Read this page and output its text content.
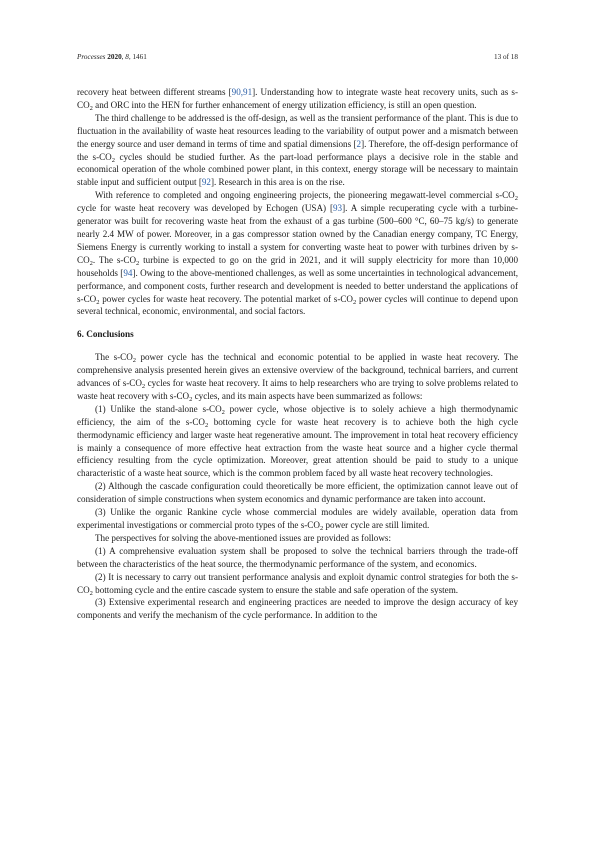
Processes 2020, 8, 1461	13 of 18

recovery heat between different streams [90,91]. Understanding how to integrate waste heat recovery units, such as $s-CO_2$ and ORC into the HEN for further enhancement of energy utilization efficiency, is still an open question.

The third challenge to be addressed is the off-design, as well as the transient performance of the plant. This is due to fluctuation in the availability of waste heat resources leading to the variability of output power and a mismatch between the energy source and user demand in terms of time and spatial dimensions [2]. Therefore, the off-design performance of the $s-CO_2$ cycles should be studied further. As the part-load performance plays a decisive role in the stable and economical operation of the whole combined power plant, in this context, energy storage will be necessary to maintain stable input and sufficient output [92]. Research in this area is on the rise.

With reference to completed and ongoing engineering projects, the pioneering megawatt-level commercial $s-CO_2$ cycle for waste heat recovery was developed by Echogen (USA) [93]. A simple recuperating cycle with a turbine-generator was built for recovering waste heat from the exhaust of a gas turbine (500–600 °C, 60–75 kg/s) to generate nearly 2.4 MW of power. Moreover, in a gas compressor station owned by the Canadian energy company, TC Energy, Siemens Energy is currently working to install a system for converting waste heat to power with turbines driven by $s-CO_2$. The $s-CO_2$ turbine is expected to go on the grid in 2021, and it will supply electricity for more than 10,000 households [94]. Owing to the above-mentioned challenges, as well as some uncertainties in technological advancement, performance, and component costs, further research and development is needed to better understand the applications of $s-CO_2$ power cycles for waste heat recovery. The potential market of $s-CO_2$ power cycles will continue to depend upon several technical, economic, environmental, and social factors.

6. Conclusions

The $s-CO_2$ power cycle has the technical and economic potential to be applied in waste heat recovery. The comprehensive analysis presented herein gives an extensive overview of the background, technical barriers, and current advances of $s-CO_2$ cycles for waste heat recovery. It aims to help researchers who are trying to solve problems related to waste heat recovery with $s-CO_2$ cycles, and its main aspects have been summarized as follows:

(1) Unlike the stand-alone $s-CO_2$ power cycle, whose objective is to solely achieve a high thermodynamic efficiency, the aim of the $s-CO_2$ bottoming cycle for waste heat recovery is to achieve both the high cycle thermodynamic efficiency and larger waste heat regenerative amount. The improvement in total heat recovery efficiency is mainly a consequence of more effective heat extraction from the waste heat source and a higher cycle thermal efficiency resulting from the cycle optimization. Moreover, great attention should be paid to study to a unique characteristic of a waste heat source, which is the common problem faced by all waste heat recovery technologies.

(2) Although the cascade configuration could theoretically be more efficient, the optimization cannot leave out of consideration of simple constructions when system economics and dynamic performance are taken into account.

(3) Unlike the organic Rankine cycle whose commercial modules are widely available, operation data from experimental investigations or commercial proto types of the $s-CO_2$ power cycle are still limited.

The perspectives for solving the above-mentioned issues are provided as follows:

(1) A comprehensive evaluation system shall be proposed to solve the technical barriers through the trade-off between the characteristics of the heat source, the thermodynamic performance of the system, and economics.

(2) It is necessary to carry out transient performance analysis and exploit dynamic control strategies for both the $s-CO_2$ bottoming cycle and the entire cascade system to ensure the stable and safe operation of the system.

(3) Extensive experimental research and engineering practices are needed to improve the design accuracy of key components and verify the mechanism of the cycle performance. In addition to the
